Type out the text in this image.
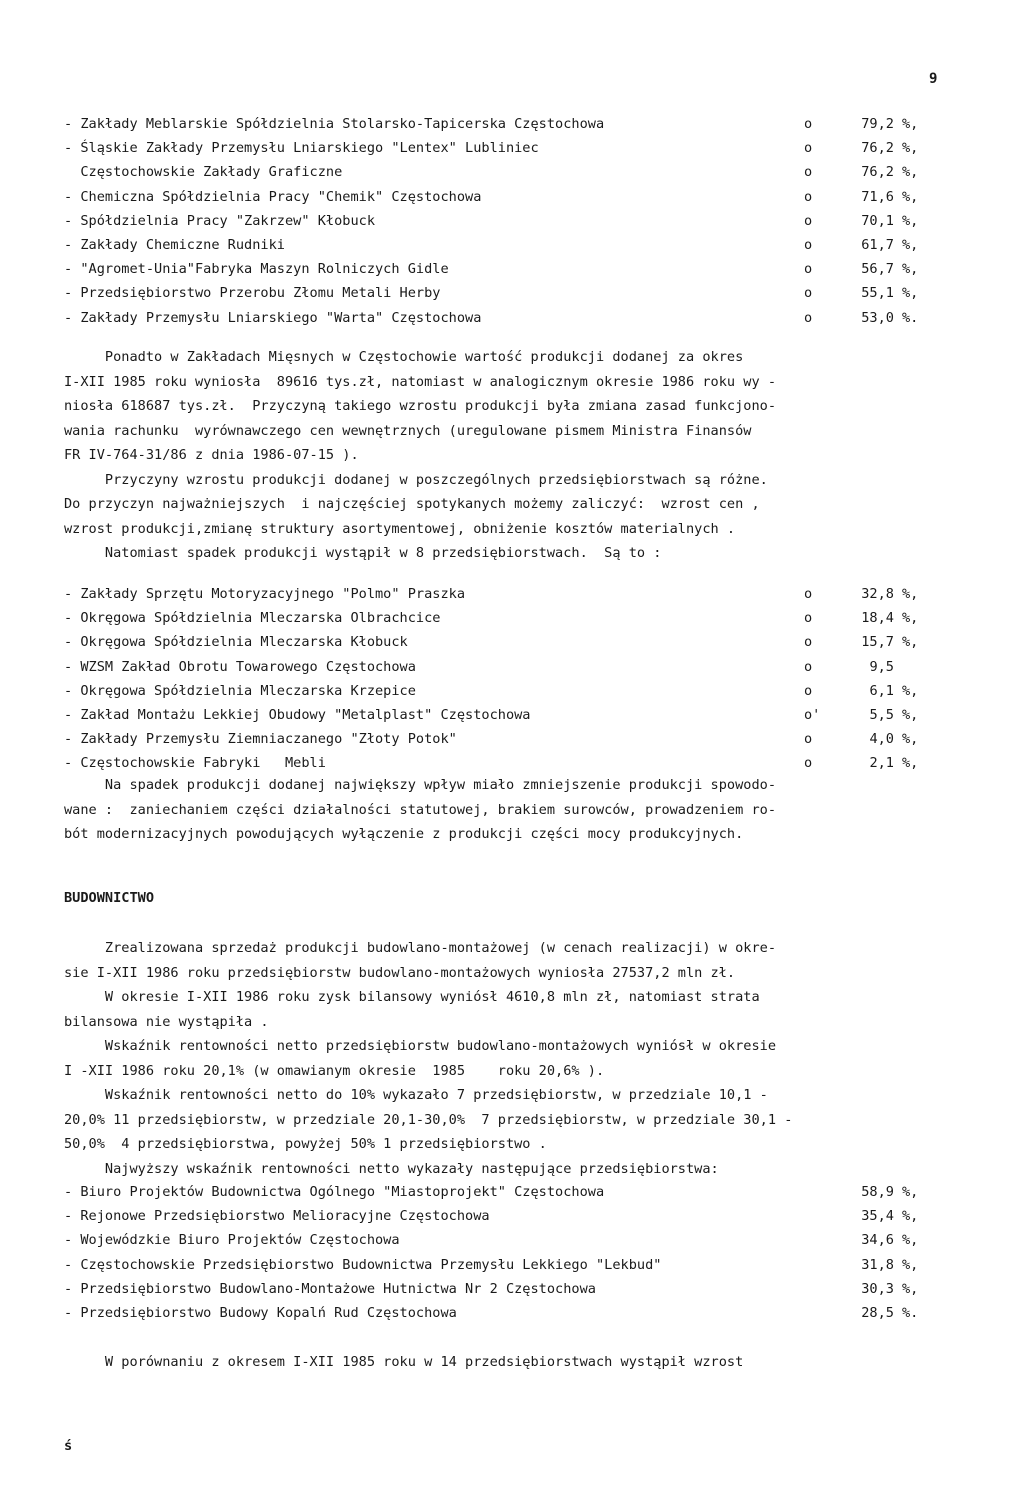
9
- Zakłady Meblarskie Spółdzielnia Stolarsko-Tapicerska Częstochowa	o	79,2 %,
- Śląskie Zakłady Przemysłu Lniarskiego "Lentex" Lubliniec	o	76,2 %,
Częstochowskie Zakłady Graficzne	o	76,2 %,
- Chemiczna Spółdzielnia Pracy "Chemik" Częstochowa	o	71,6 %,
- Spółdzielnia Pracy "Zakrzew" Kłobuck	o	70,1 %,
- Zakłady Chemiczne Rudniki	o	61,7 %,
- "Agromet-Unia"Fabryka Maszyn Rolniczych Gidle	o	56,7 %,
- Przedsiębiorstwo Przerobu Złomu Metali Herby	o	55,1 %,
- Zakłady Przemysłu Lniarskiego "Warta" Częstochowa	o	53,0 %.
Ponadto w Zakładach Mięsnych w Częstochowie wartość produkcji dodanej za okres
I-XII 1985 roku wyniosła  89616 tys.zł, natomiast w analogicznym okresie 1986 roku wy -
niosła 618687 tys.zł.  Przyczyną takiego wzrostu produkcji była zmiana zasad funkcjono-
wania rachunku  wyrównawczego cen wewnętrznych (uregulowane pismem Ministra Finansów
FR IV-764-31/86 z dnia 1986-07-15 ).
Przyczyny wzrostu produkcji dodanej w poszczególnych przedsiębiorstwach są różne.
Do przyczyn najważniejszych  i najczęściej spotykanych możemy zaliczyć:  wzrost cen ,
wzrost produkcji,zmianę struktury asortymentowej, obniżenie kosztów materialnych .
Natomiast spadek produkcji wystąpił w 8 przedsiębiorstwach.  Są to :
- Zakłady Sprzętu Motoryzacyjnego "Polmo" Praszka	o	32,8 %,
- Okręgowa Spółdzielnia Mleczarska Olbrachcice	o	18,4 %,
- Okręgowa Spółdzielnia Mleczarska Kłobuck	o	15,7 %,
- WZSM Zakład Obrotu Towarowego Częstochowa	o	9,5
- Okręgowa Spółdzielnia Mleczarska Krzepice	o	6,1 %,
- Zakład Montażu Lekkiej Obudowy "Metalplast" Częstochowa	o'	5,5 %,
- Zakłady Przemysłu Ziemniaczanego "Złoty Potok"	o	4,0 %,
- Częstochowskie Fabryki   Mebli	o	2,1 %,
Na spadek produkcji dodanej największy wpływ miało zmniejszenie produkcji spowodo-
wane :  zaniechaniem części działalności statutowej, brakiem surowców, prowadzeniem ro-
bót modernizacyjnych powodujących wyłączenie z produkcji części mocy produkcyjnych.
BUDOWNICTWO
Zrealizowana sprzedaż produkcji budowlano-montażowej (w cenach realizacji) w okre-
sie I-XII 1986 roku przedsiębiorstw budowlano-montażowych wyniosła 27537,2 mln zł.
W okresie I-XII 1986 roku zysk bilansowy wyniósł 4610,8 mln zł, natomiast strata
bilansowa nie wystąpiła .
Wskaźnik rentowności netto przedsiębiorstw budowlano-montażowych wyniósł w okresie
I -XII 1986 roku 20,1% (w omawianym okresie  1985    roku 20,6% ).
Wskaźnik rentowności netto do 10% wykazało 7 przedsiębiorstw, w przedziale 10,1 -
20,0% 11 przedsiębiorstw, w przedziale 20,1-30,0%  7 przedsiębiorstw, w przedziale 30,1 -
50,0%  4 przedsiębiorstwa, powyżej 50% 1 przedsiębiorstwo .
Najwyższy wskaźnik rentowności netto wykazały następujące przedsiębiorstwa:
- Biuro Projektów Budownictwa Ogólnego "Miastoprojekt" Częstochowa	58,9 %,
- Rejonowe Przedsiębiorstwo Melioracyjne Częstochowa	35,4 %,
- Wojewódzkie Biuro Projektów Częstochowa	34,6 %,
- Częstochowskie Przedsiębiorstwo Budownictwa Przemysłu Lekkiego "Lekbud"	31,8 %,
- Przedsiębiorstwo Budowlano-Montażowe Hutnictwa Nr 2 Częstochowa	30,3 %,
- Przedsiębiorstwo Budowy Kopalń Rud Częstochowa	28,5 %.
W porównaniu z okresem I-XII 1985 roku w 14 przedsiębiorstwach wystąpił wzrost
ś
